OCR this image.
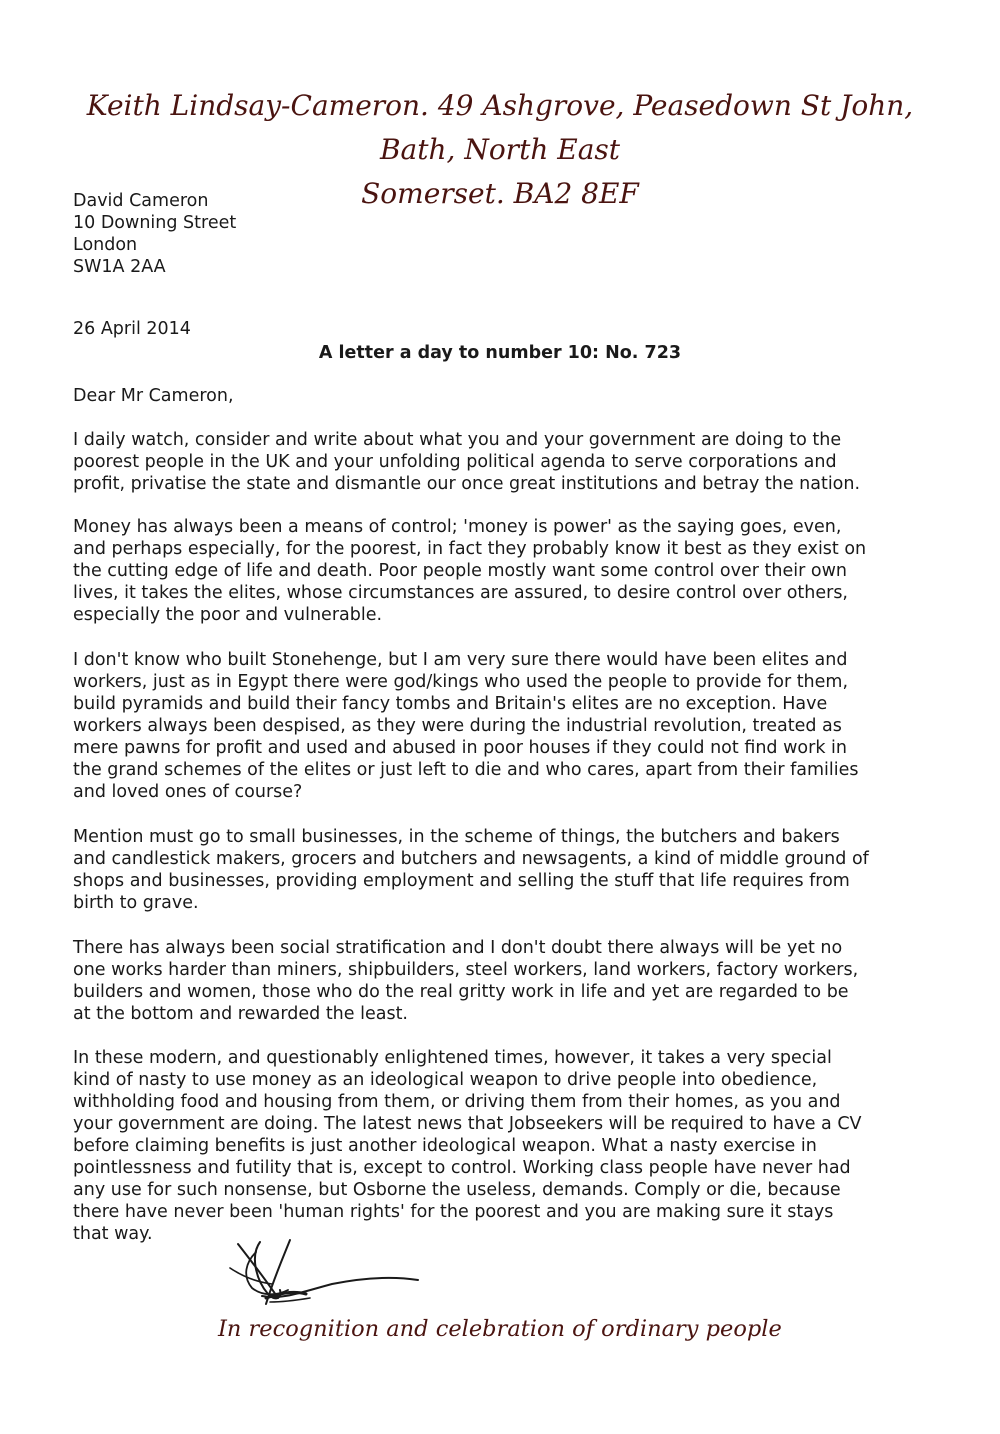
Keith Lindsay-Cameron. 49 Ashgrove, Peasedown St John, Bath, North East
Somerset. BA2 8EF
David Cameron
10 Downing Street
London
SW1A 2AA
26 April 2014
A letter a day to number 10: No. 723
Dear Mr Cameron,
I daily watch, consider and write about what you and your government are doing to the
poorest people in the UK and your unfolding political agenda to serve corporations and
profit, privatise the state and dismantle our once great institutions and betray the nation.
Money has always been a means of control; 'money is power' as the saying goes, even,
and perhaps especially, for the poorest, in fact they probably know it best as they exist on
the cutting edge of life and death. Poor people mostly want some control over their own
lives, it takes the elites, whose circumstances are assured, to desire control over others,
especially the poor and vulnerable.
I don't know who built Stonehenge, but I am very sure there would have been elites and
workers, just as in Egypt there were god/kings who used the people to provide for them,
build pyramids and build their fancy tombs and Britain's elites are no exception. Have
workers always been despised, as they were during the industrial revolution, treated as
mere pawns for profit and used and abused in poor houses if they could not find work in
the grand schemes of the elites or just left to die and who cares, apart from their families
and loved ones of course?
Mention must go to small businesses, in the scheme of things, the butchers and bakers
and candlestick makers, grocers and butchers and newsagents, a kind of middle ground of
shops and businesses, providing employment and selling the stuff that life requires from
birth to grave.
There has always been social stratification and I don't doubt there always will be yet no
one works harder than miners, shipbuilders, steel workers, land workers, factory workers,
builders and women, those who do the real gritty work in life and yet are regarded to be
at the bottom and rewarded the least.
In these modern, and questionably enlightened times, however, it takes a very special
kind of nasty to use money as an ideological weapon to drive people into obedience,
withholding food and housing from them, or driving them from their homes, as you and
your government are doing. The latest news that Jobseekers will be required to have a CV
before claiming benefits is just another ideological weapon. What a nasty exercise in
pointlessness and futility that is, except to control. Working class people have never had
any use for such nonsense, but Osborne the useless, demands. Comply or die, because
there have never been 'human rights' for the poorest and you are making sure it stays
that way.
In recognition and celebration of ordinary people
